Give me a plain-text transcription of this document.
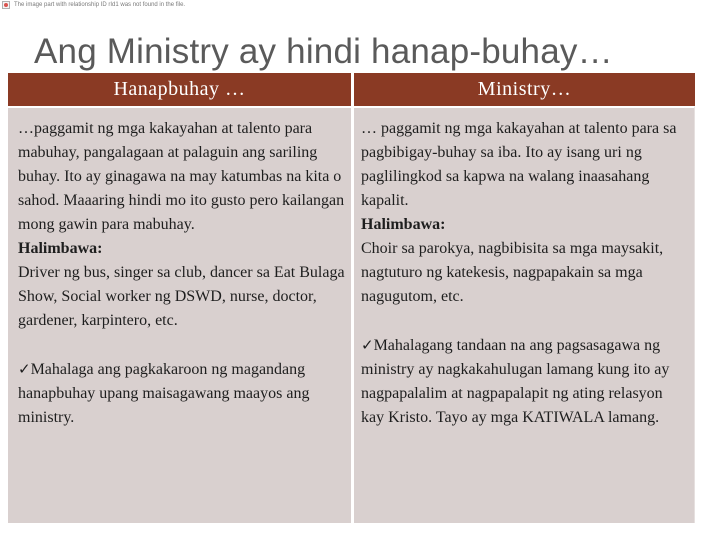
The image part with relationship ID rId1 was not found in the file.
Ang Ministry ay hindi hanap-buhay…
Hanapbuhay …	Ministry…

…paggamit ng mga kakayahan at talento para mabuhay, pangalagaan at palaguin ang sariling buhay. Ito ay ginagawa na may katumbas na kita o sahod. Maaaring hindi mo ito gusto pero kailangan mong gawin para mabuhay.

Halimbawa:

Driver ng bus, singer sa club, dancer sa Eat Bulaga Show, Social worker ng DSWD, nurse, doctor, gardener, karpintero, etc.

✓Mahalaga ang pagkakaroon ng magandang hanapbuhay upang maisagawang maayos ang ministry.

… paggamit ng mga kakayahan at talento para sa pagbibigay-buhay sa iba. Ito ay isang uri ng paglilingkod sa kapwa na walang inaasahang kapalit.

Halimbawa:

Choir sa parokya, nagbibisita sa mga maysakit, nagtuturo ng katekesis, nagpapakain sa mga nagugutom, etc.

✓Mahalagang tandaan na ang pagsasagawa ng ministry ay nagkakahulugan lamang kung ito ay nagpapalalim at nagpapalapit ng ating relasyon kay Kristo. Tayo ay mga KATIWALA lamang.
